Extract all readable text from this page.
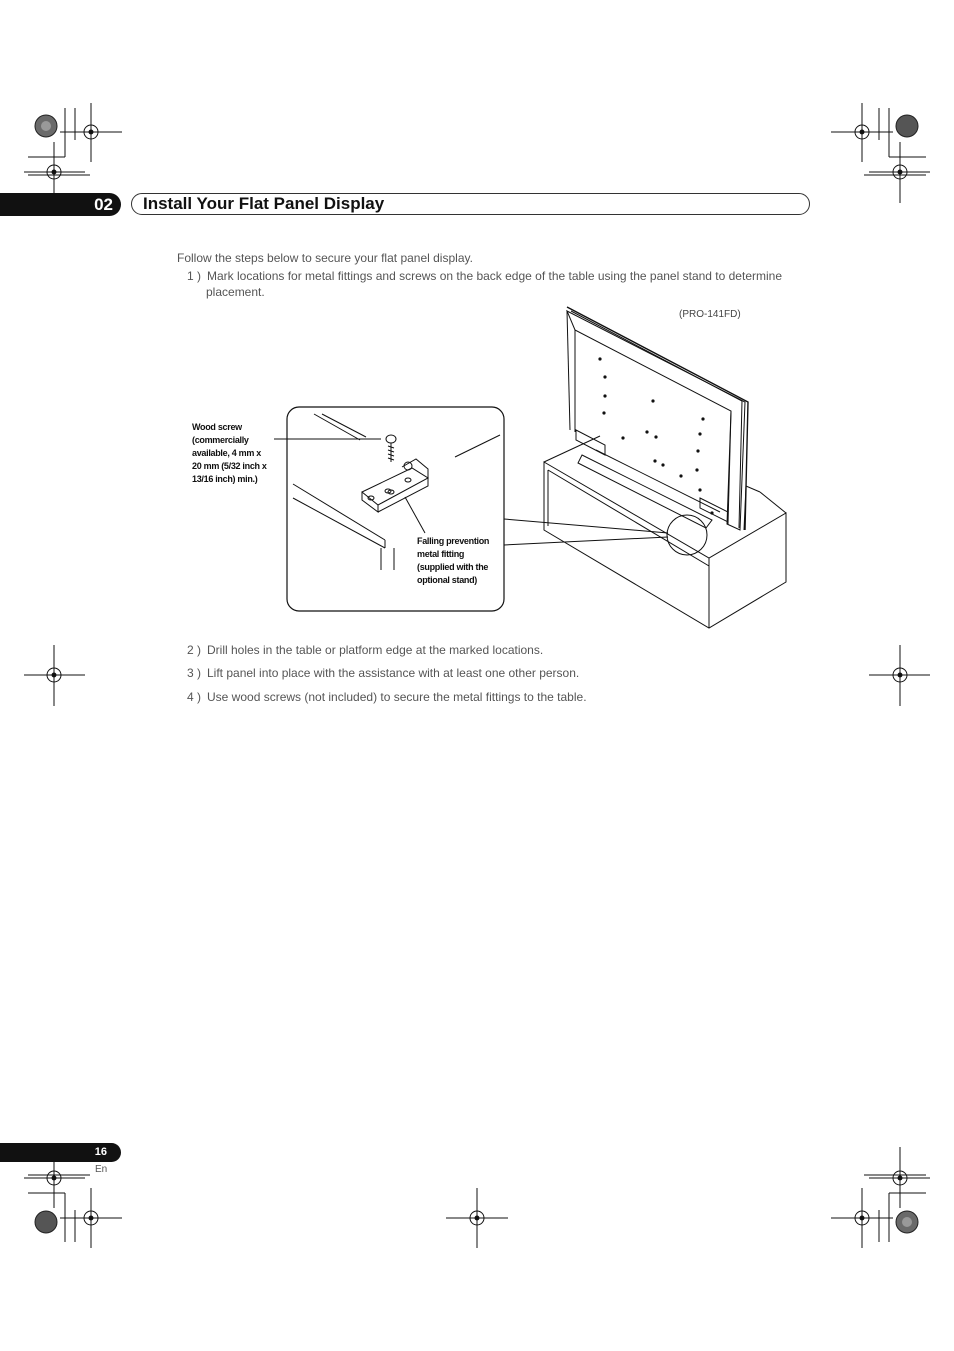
02	Install Your Flat Panel Display
Follow the steps below to secure your flat panel display.
1 ) Mark locations for metal fittings and screws on the back edge of the table using the panel stand to determine
placement.
(PRO-141FD)
Wood screw
(commercially
available, 4 mm x
20 mm (5/32 inch x
13/16 inch) min.)
Falling prevention
metal fitting
(supplied with the
optional stand)
2 ) Drill holes in the table or platform edge at the marked locations.
3 ) Lift panel into place with the assistance with at least one other person.
4 ) Use wood screws (not included) to secure the metal fittings to the table.
16
En
